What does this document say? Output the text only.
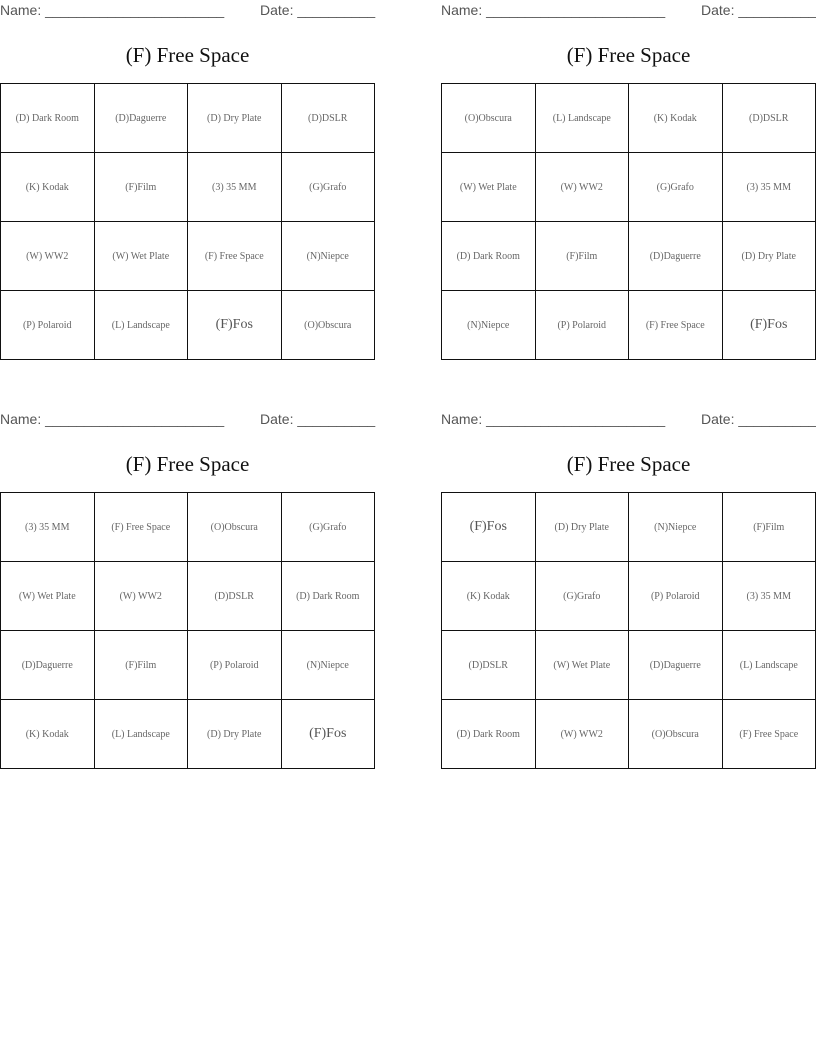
Name: _______________________	Date: __________
(F) Free Space
(D) Dark Room	(D)Daguerre	(D) Dry Plate	(D)DSLR
(K) Kodak	(F)Film	(3) 35 MM	(G)Grafo
(W) WW2	(W) Wet Plate	(F) Free Space	(N)Niepce
(P) Polaroid	(L) Landscape	(F)Fos	(O)Obscura
Name: _______________________	Date: __________
(F) Free Space
(O)Obscura	(L) Landscape	(K) Kodak	(D)DSLR
(W) Wet Plate	(W) WW2	(G)Grafo	(3) 35 MM
(D) Dark Room	(F)Film	(D)Daguerre	(D) Dry Plate
(N)Niepce	(P) Polaroid	(F) Free Space	(F)Fos
Name: _______________________	Date: __________
(F) Free Space
(3) 35 MM	(F) Free Space	(O)Obscura	(G)Grafo
(W) Wet Plate	(W) WW2	(D)DSLR	(D) Dark Room
(D)Daguerre	(F)Film	(P) Polaroid	(N)Niepce
(K) Kodak	(L) Landscape	(D) Dry Plate	(F)Fos
Name: _______________________	Date: __________
(F) Free Space
(F)Fos	(D) Dry Plate	(N)Niepce	(F)Film
(K) Kodak	(G)Grafo	(P) Polaroid	(3) 35 MM
(D)DSLR	(W) Wet Plate	(D)Daguerre	(L) Landscape
(D) Dark Room	(W) WW2	(O)Obscura	(F) Free Space
